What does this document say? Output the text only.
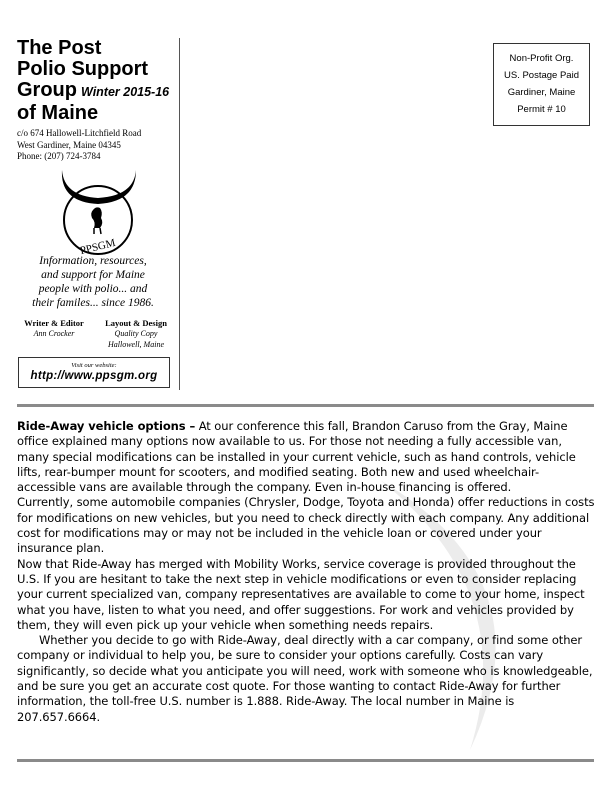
The Post
Polio Support
Group Winter 2015-16
of Maine
c/o 674 Hallowell-Litchfield Road
West Gardiner, Maine 04345
Phone: (207) 724-3784
PPSGM
Information, resources,
and support for Maine
people with polio... and
their familes... since 1986.
Writer & Editor
Ann Crocker
Layout & Design
Quality Copy
Hallowell, Maine
Visit our website:
http://www.ppsgm.org
Non-Profit Org.
US. Postage Paid
Gardiner, Maine
Permit # 10

Ride-Away vehicle options – At our conference this fall, Brandon Caruso from the Gray, Maine office explained many options now available to us. For those not needing a fully accessible van, many special modifications can be installed in your current vehicle, such as hand controls, vehicle lifts, rear-bumper mount for scooters, and modified seating. Both new and used wheelchair-accessible vans are available through the company. Even in-house financing is offered.

Currently, some automobile companies (Chrysler, Dodge, Toyota and Honda) offer reductions in costs for modifications on new vehicles, but you need to check directly with each company. Any additional cost for modifications may or may not be included in the vehicle loan or covered under your insurance plan.

Now that Ride-Away has merged with Mobility Works, service coverage is provided throughout the U.S. If you are hesitant to take the next step in vehicle modifications or even to consider replacing your current specialized van, company representatives are available to come to your home, inspect what you have, listen to what you need, and offer suggestions. For work and vehicles provided by them, they will even pick up your vehicle when something needs repairs.

Whether you decide to go with Ride-Away, deal directly with a car company, or find some other company or individual to help you, be sure to consider your options carefully. Costs can vary significantly, so decide what you anticipate you will need, work with someone who is knowledgeable, and be sure you get an accurate cost quote. For those wanting to contact Ride-Away for further information, the toll-free U.S. number is 1.888. Ride-Away. The local number in Maine is 207.657.6664.
